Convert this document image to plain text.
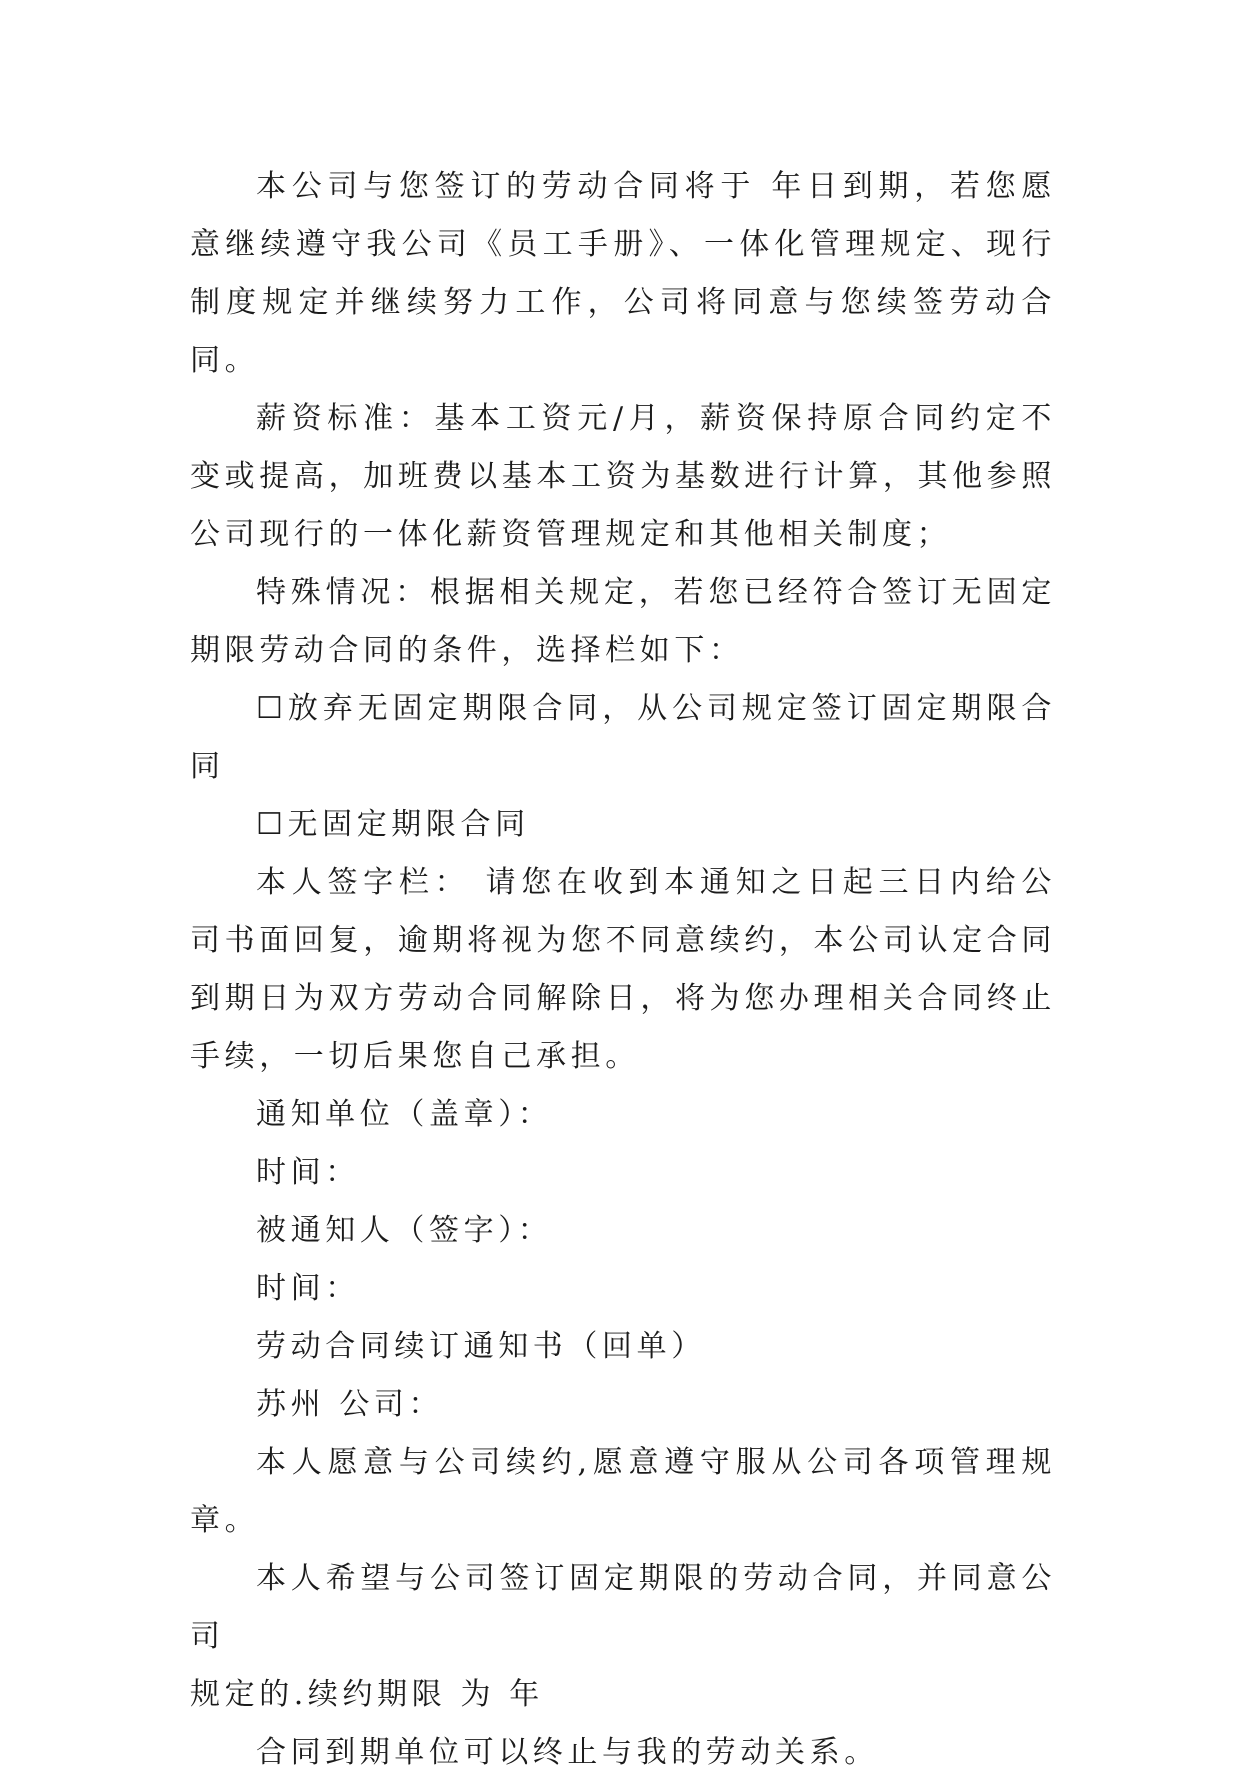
本公司与您签订的劳动合同将于 年日到期，若您愿意继续遵守我公司《员工手册》、一体化管理规定、现行制度规定并继续努力工作，公司将同意与您续签劳动合同。

薪资标准：基本工资元/月，薪资保持原合同约定不变或提高，加班费以基本工资为基数进行计算，其他参照公司现行的一体化薪资管理规定和其他相关制度；

特殊情况：根据相关规定，若您已经符合签订无固定期限劳动合同的条件，选择栏如下：

☐放弃无固定期限合同，从公司规定签订固定期限合同

☐无固定期限合同

本人签字栏： 请您在收到本通知之日起三日内给公司书面回复，逾期将视为您不同意续约，本公司认定合同到期日为双方劳动合同解除日，将为您办理相关合同终止手续，一切后果您自己承担。

通知单位（盖章）：

时间：

被通知人（签字）：

时间：

劳动合同续订通知书（回单）

苏州 公司：

本人愿意与公司续约,愿意遵守服从公司各项管理规章。

本人希望与公司签订固定期限的劳动合同，并同意公司
规定的.续约期限 为 年

合同到期单位可以终止与我的劳动关系。
